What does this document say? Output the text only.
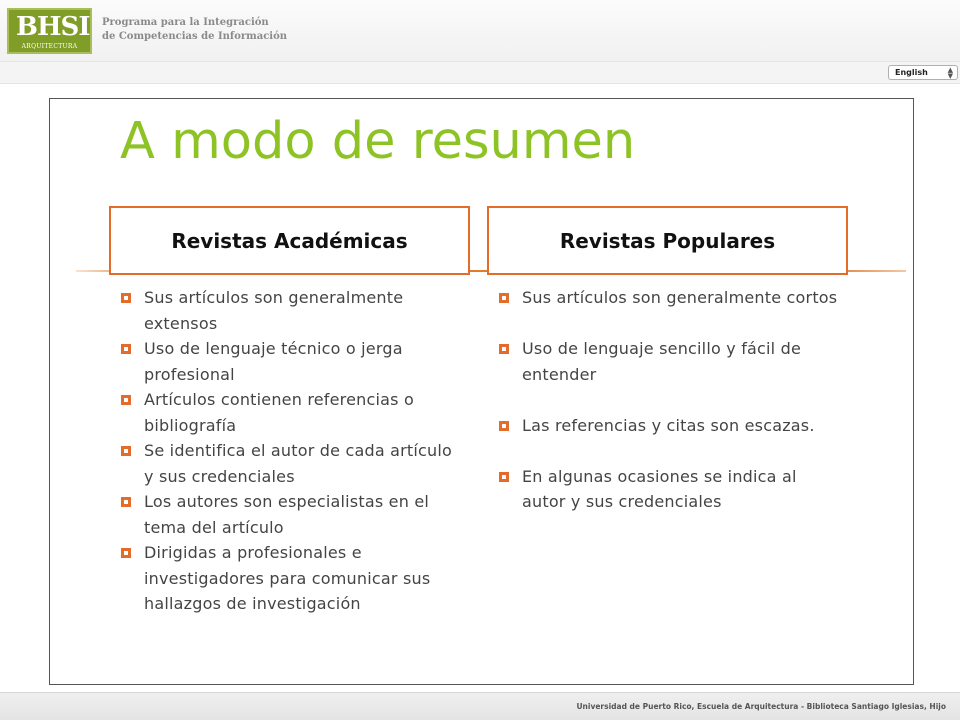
BHSI
ARQUITECTURA
Programa para la Integración
de Competencias de Información
English	▲
▼
A modo de resumen
Revistas Académicas	Revistas Populares
Sus artículos son generalmente extensos
Uso de lenguaje técnico o jerga profesional
Artículos contienen referencias o bibliografía
Se identifica el autor de cada artículo y sus credenciales
Los autores son especialistas en el tema del artículo
Dirigidas a profesionales e investigadores para comunicar sus hallazgos de investigación
Sus artículos son generalmente cortos
Uso de lenguaje sencillo y fácil de entender
Las referencias y citas son escazas.
En algunas ocasiones se indica al autor y sus credenciales
Universidad de Puerto Rico, Escuela de Arquitectura - Biblioteca Santiago Iglesias, Hijo
